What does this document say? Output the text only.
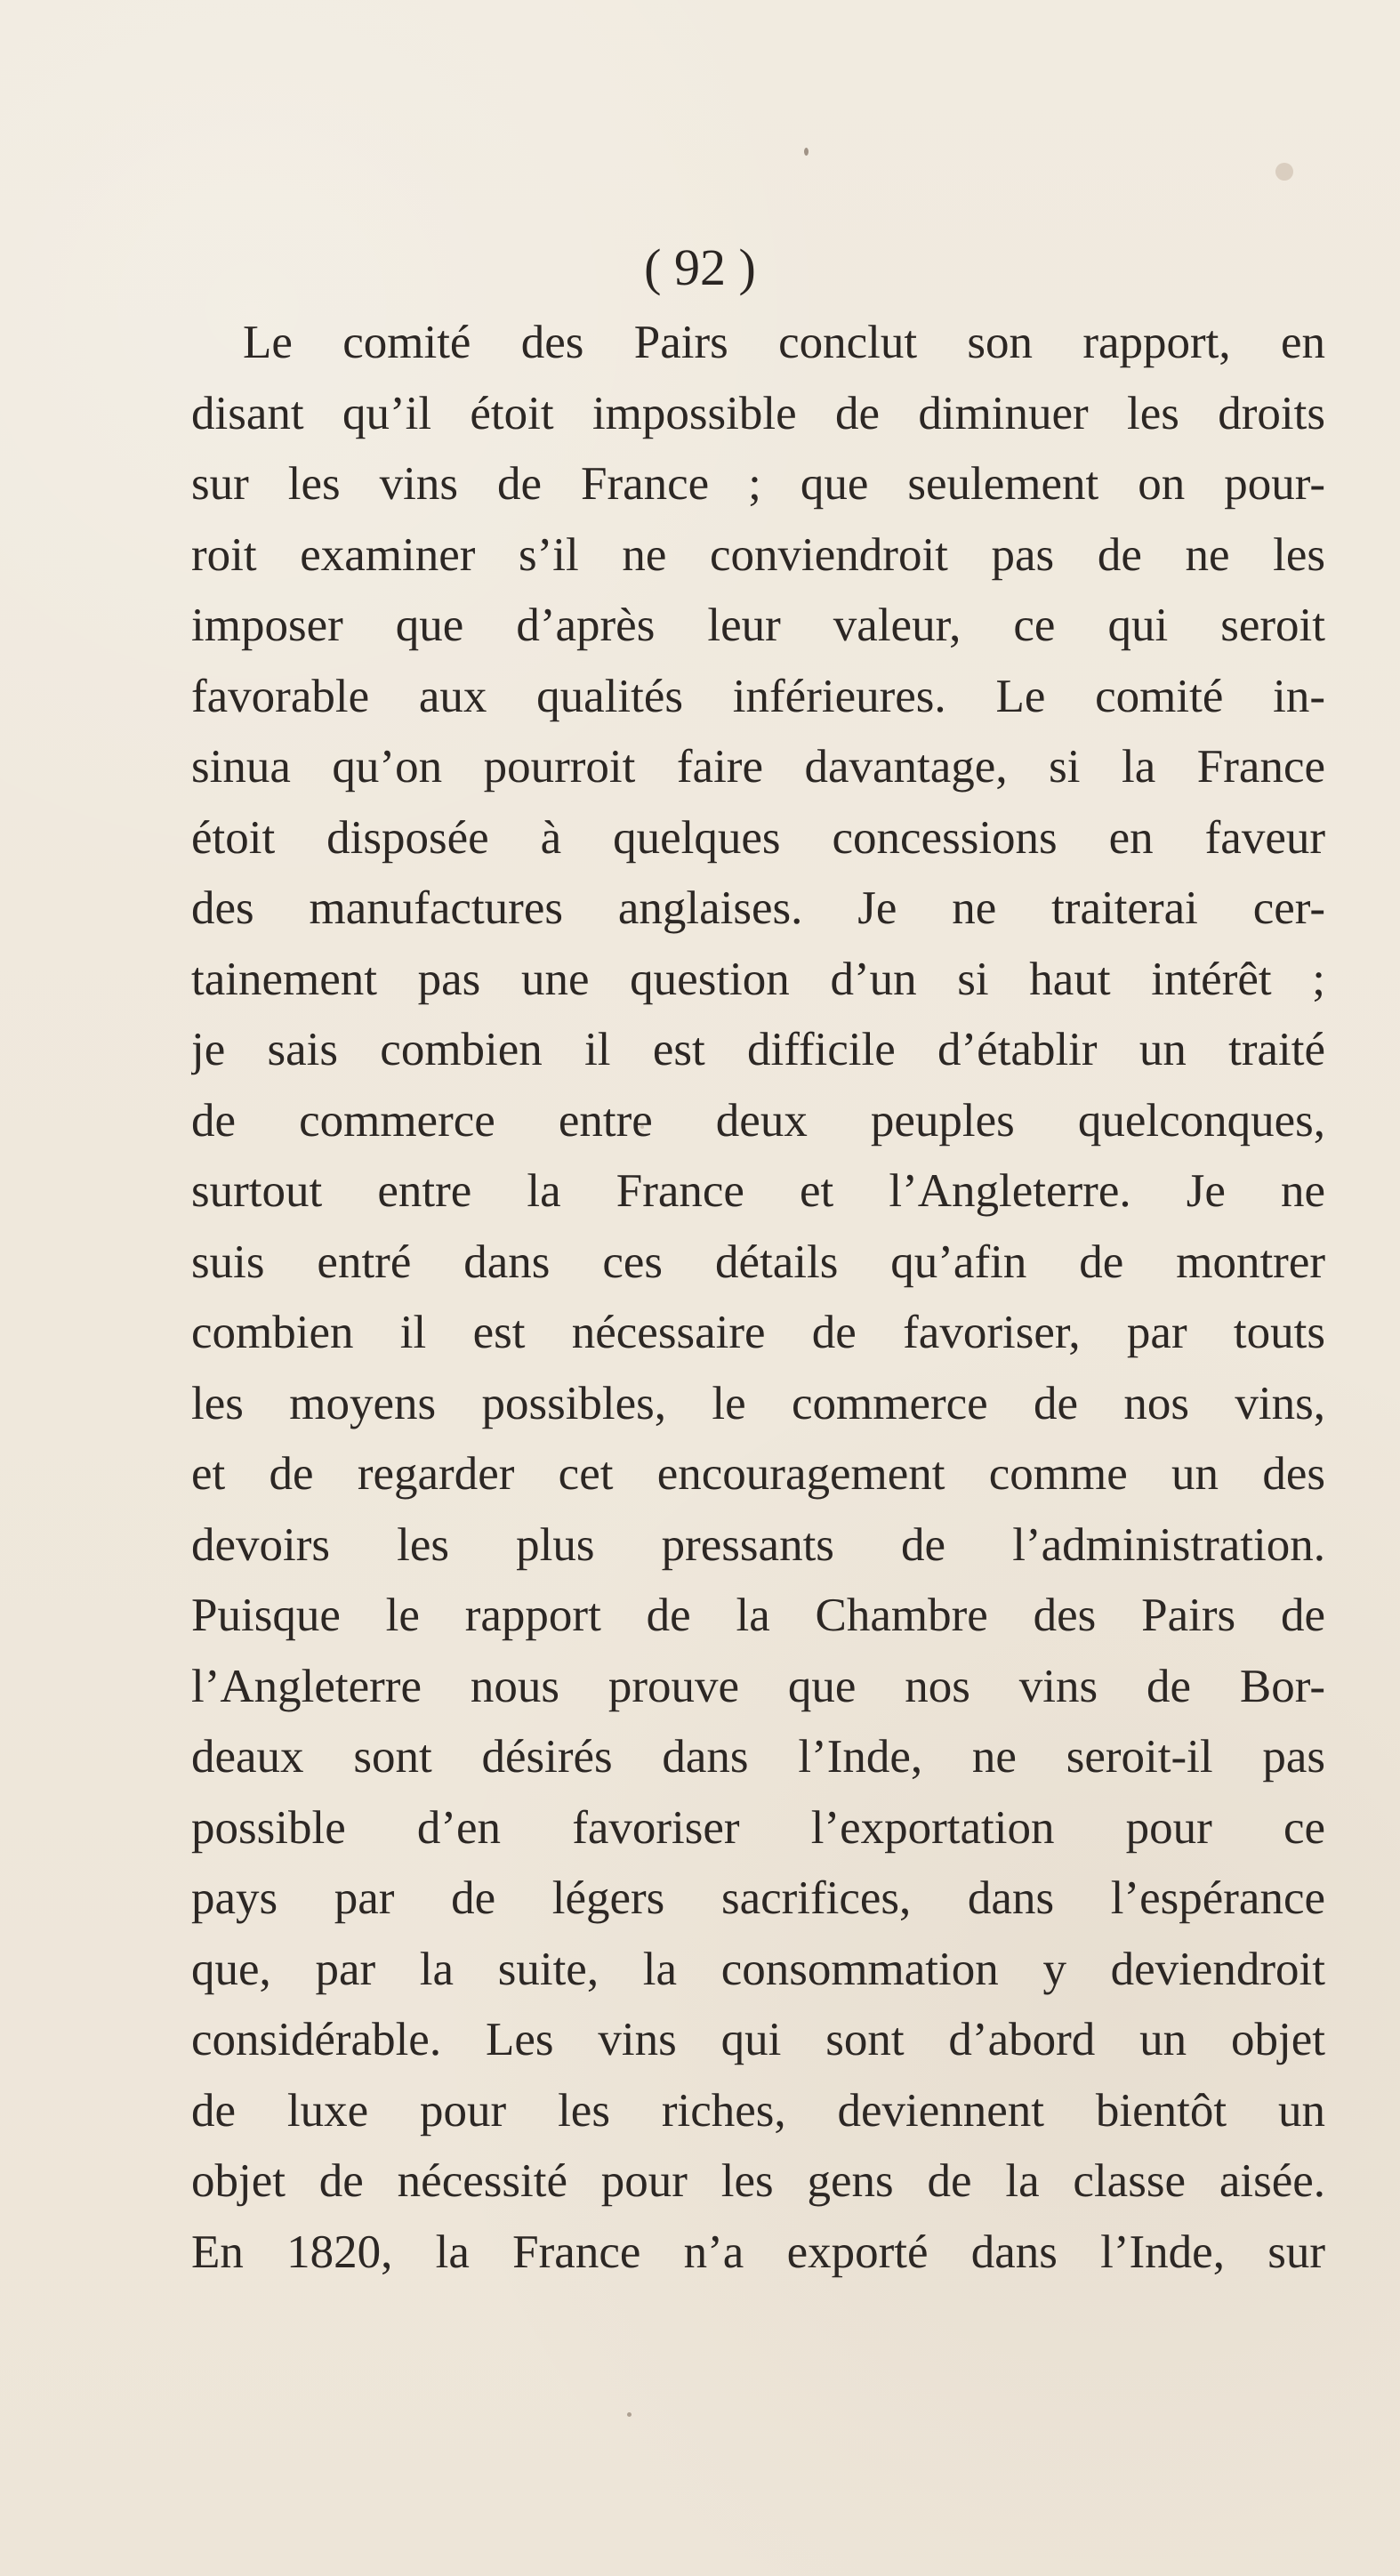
( 92 )
Le comité des Pairs conclut son rapport, en
disant qu’il étoit impossible de diminuer les droits
sur les vins de France ; que seulement on pour-
roit examiner s’il ne conviendroit pas de ne les
imposer que d’après leur valeur, ce qui seroit
favorable aux qualités inférieures. Le comité in-
sinua qu’on pourroit faire davantage, si la France
étoit disposée à quelques concessions en faveur
des manufactures anglaises. Je ne traiterai cer-
tainement pas une question d’un si haut intérêt ;
je sais combien il est difficile d’établir un traité
de commerce entre deux peuples quelconques,
surtout entre la France et l’Angleterre. Je ne
suis entré dans ces détails qu’afin de montrer
combien il est nécessaire de favoriser, par touts
les moyens possibles, le commerce de nos vins,
et de regarder cet encouragement comme un des
devoirs les plus pressants de l’administration.
Puisque le rapport de la Chambre des Pairs de
l’Angleterre nous prouve que nos vins de Bor-
deaux sont désirés dans l’Inde, ne seroit-il pas
possible d’en favoriser l’exportation pour ce
pays par de légers sacrifices, dans l’espérance
que, par la suite, la consommation y deviendroit
considérable. Les vins qui sont d’abord un objet
de luxe pour les riches, deviennent bientôt un
objet de nécessité pour les gens de la classe aisée.
En 1820, la France n’a exporté dans l’Inde, sur
